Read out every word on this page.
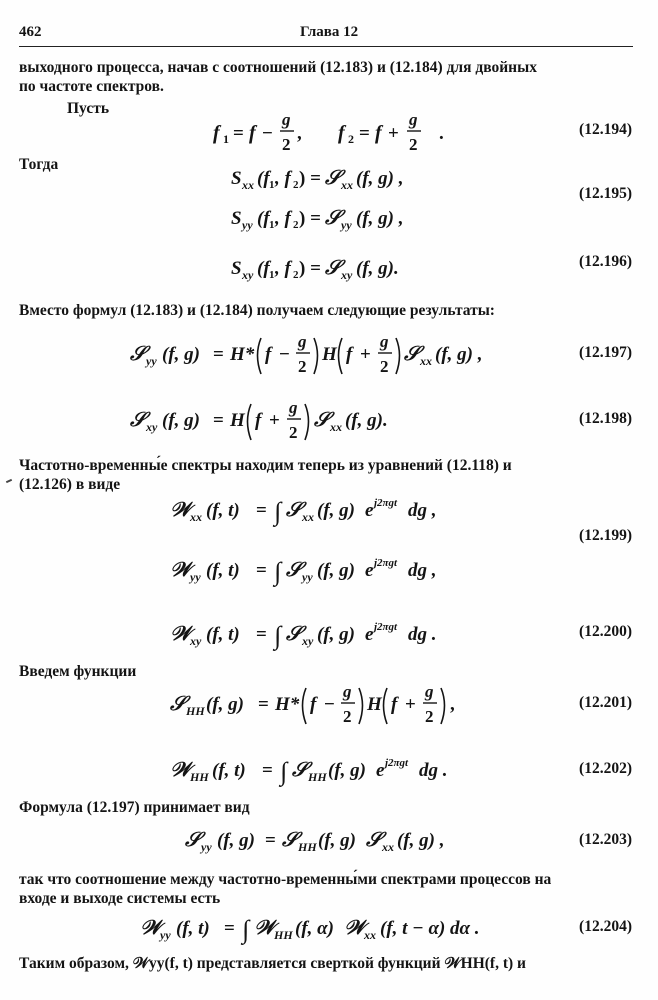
462	Глава 12
выходного процесса, начав с соотношений (12.183) и (12.184) для двойных
по частоте спектров.
Пусть
f 1 = f −
g
2
, f 2 = f +
g
2
.	(12.194)
Тогда
S xx (f 1 , f 2 ) = 𝒮 xx (f, g) ,
S yy (f 1 , f 2 ) = 𝒮 yy (f, g) ,
(12.195)
S xy (f 1 , f 2 ) = 𝒮 xy (f, g).	(12.196)
Вместо формул (12.183) и (12.184) получаем следующие результаты:
𝒮 yy (f, g) = H* f −
g
2
H f +
g
2
𝒮 xx (f, g) ,	(12.197)
𝒮 xy (f, g) = H f +
g
2
𝒮 xx (f, g).	(12.198)
Частотно-временны́е спектры находим теперь из уравнений (12.118) и
(12.126) в виде
𝒲 xx (f, t) = ∫ 𝒮 xx (f, g) e j2πgt dg ,
𝒲 yy (f, t) = ∫ 𝒮 yy (f, g) e j2πgt dg ,
(12.199)
𝒲 xy (f, t) = ∫ 𝒮 xy (f, g) e j2πgt dg .	(12.200)
Введем функции
𝒮 HH (f, g) = H* f −
g
2
H f +
g
2
,	(12.201)
𝒲 HH (f, t) = ∫ 𝒮 HH (f, g) e j2πgt dg .	(12.202)
Формула (12.197) принимает вид
𝒮 yy (f, g) = 𝒮 HH (f, g) 𝒮 xx (f, g) ,	(12.203)
так что соотношение между частотно-временны́ми спектрами процессов на
входе и выходе системы есть
𝒲 yy (f, t) = ∫ 𝒲 HH (f, α) 𝒲 xx (f, t − α) dα .	(12.204)
Таким образом, 𝒲yy(f, t) представляется сверткой функций 𝒲HH(f, t) и
